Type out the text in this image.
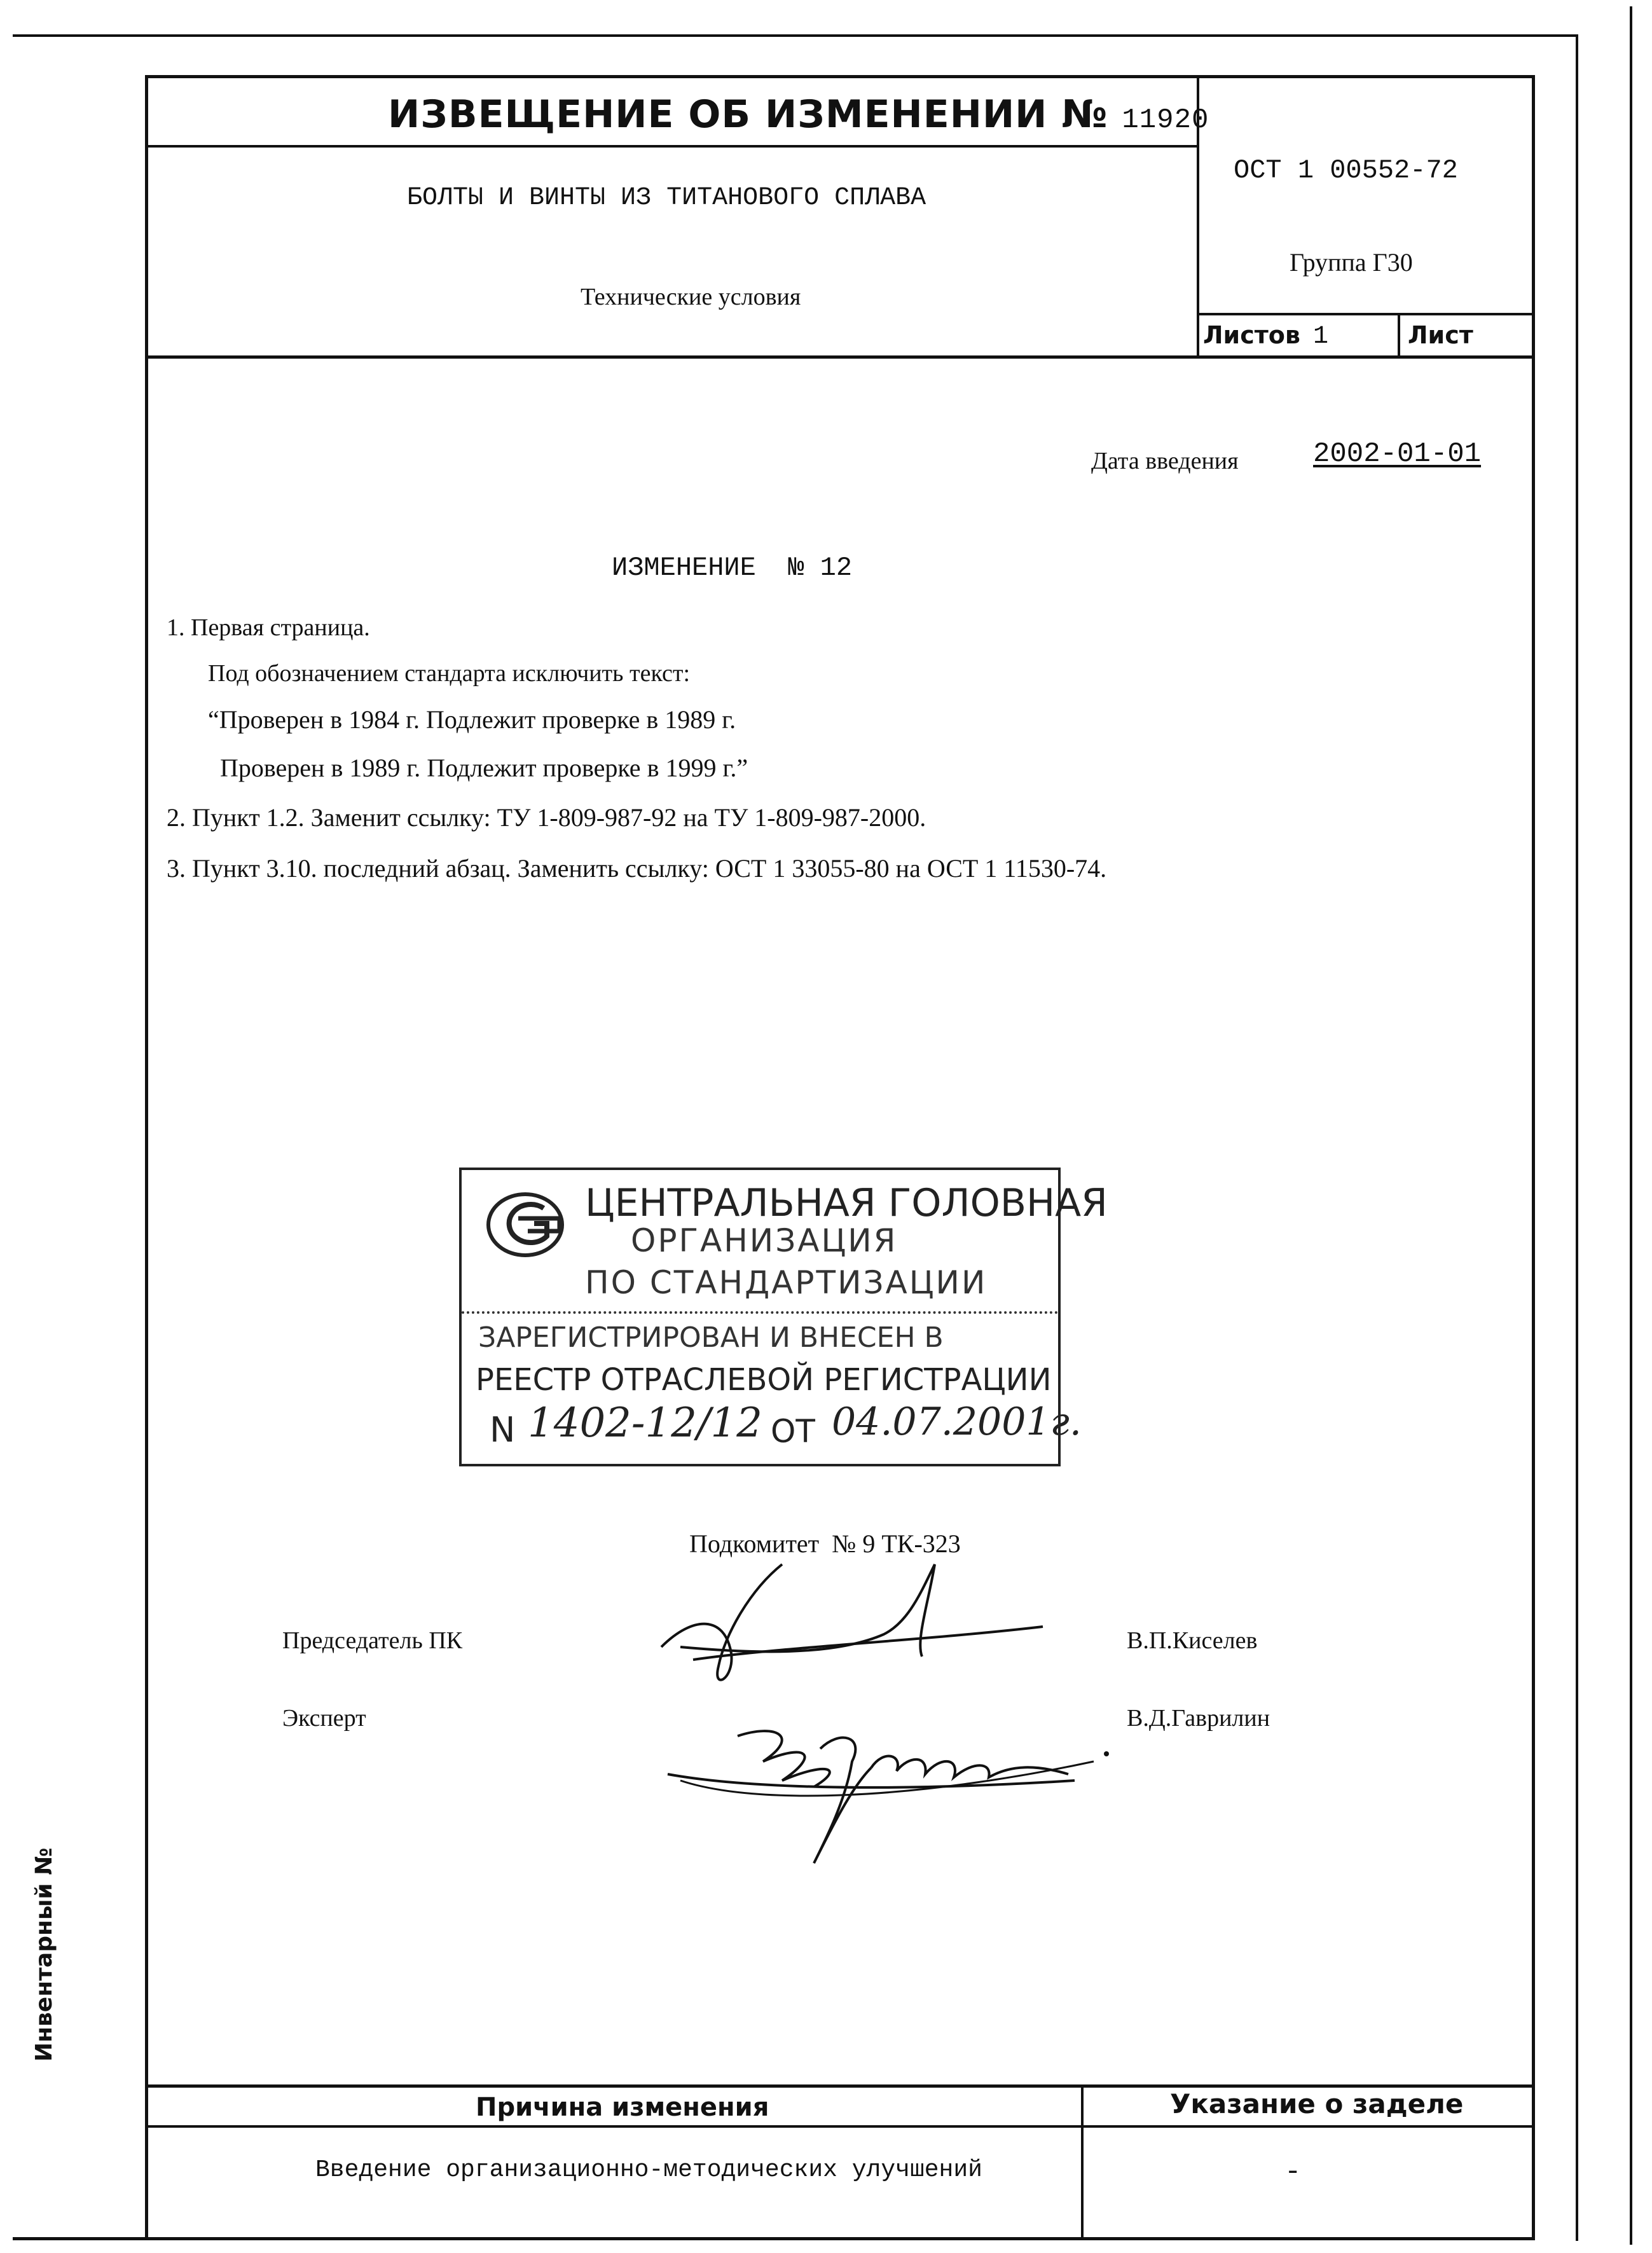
ИЗВЕЩЕНИЕ ОБ ИЗМЕНЕНИИ № 11920
БОЛТЫ И ВИНТЫ ИЗ ТИТАНОВОГО СПЛАВА
Технические условия
ОСТ 1 00552-72
Группа Г30
Листов 1	Лист
Дата введения	2002-01-01
ИЗМЕНЕНИЕ  № 12
1. Первая страница.
Под обозначением стандарта исключить текст:
“Проверен в 1984 г. Подлежит проверке в 1989 г.
Проверен в 1989 г. Подлежит проверке в 1999 г.”
2. Пункт 1.2. Заменит ссылку: ТУ 1-809-987-92 на ТУ 1-809-987-2000.
3. Пункт 3.10. последний абзац. Заменить ссылку: ОСТ 1 33055-80 на ОСТ 1 11530-74.
ЦЕНТРАЛЬНАЯ ГОЛОВНАЯ
ОРГАНИЗАЦИЯ
ПО СТАНДАРТИЗАЦИИ
ЗАРЕГИСТРИРОВАН И ВНЕСЕН В
РЕЕСТР ОТРАСЛЕВОЙ РЕГИСТРАЦИИ
N 1402-12/12 ОТ 04.07.2001г.
Подкомитет  № 9 ТК-323
Председатель ПК	В.П.Киселев
Эксперт	В.Д.Гаврилин
Причина изменения	Указание о заделе
Введение организационно-методических улучшений	-
Инвентарный №
